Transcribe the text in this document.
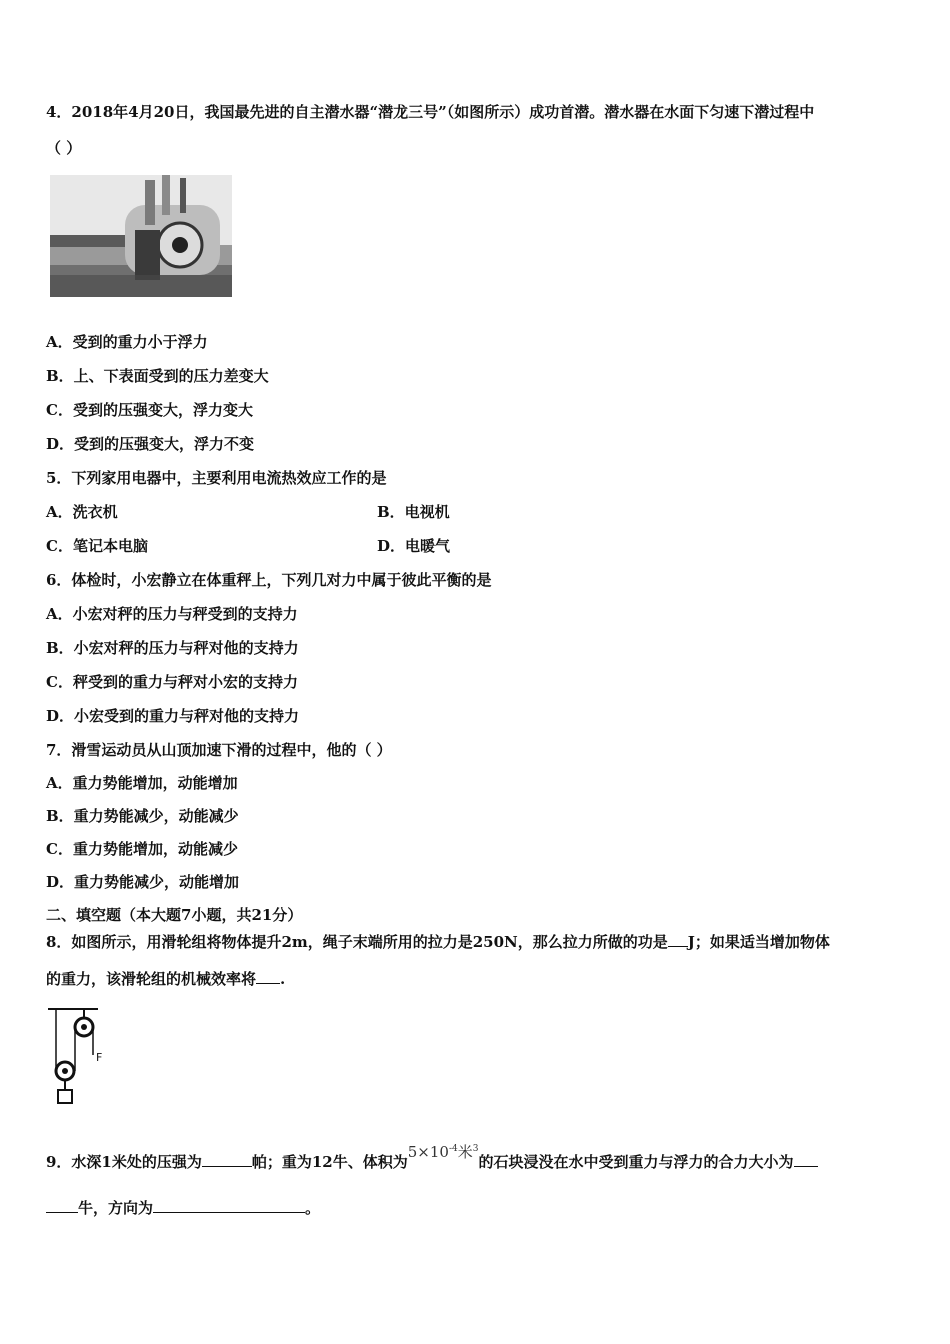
4．2018年4月20日，我国最先进的自主潜水器“潜龙三号”（如图所示）成功首潜。潜水器在水面下匀速下潜过程中
（ ）
A．受到的重力小于浮力
B．上、下表面受到的压力差变大
C．受到的压强变大，浮力变大
D．受到的压强变大，浮力不变
5．下列家用电器中，主要利用电流热效应工作的是
A．洗衣机	B．电视机
C．笔记本电脑	D．电暖气
6．体检时，小宏静立在体重秤上，下列几对力中属于彼此平衡的是
A．小宏对秤的压力与秤受到的支持力
B．小宏对秤的压力与秤对他的支持力
C．秤受到的重力与秤对小宏的支持力
D．小宏受到的重力与秤对他的支持力
7．滑雪运动员从山顶加速下滑的过程中，他的（ ）
A．重力势能增加，动能增加
B．重力势能减少，动能减少
C．重力势能增加，动能减少
D．重力势能减少，动能增加
二、填空题（本大题7小题，共21分）
8．如图所示，用滑轮组将物体提升2m，绳子末端所用的拉力是250N，那么拉力所做的功是 J；如果适当增加物体
的重力，该滑轮组的机械效率将 .
F
9．水深1米处的压强为	帕；重为12牛、体积为$5\times 10^{-4}$米$^3$的石块浸没在水中受到重力与浮力的合力大小为
牛，方向为	。
